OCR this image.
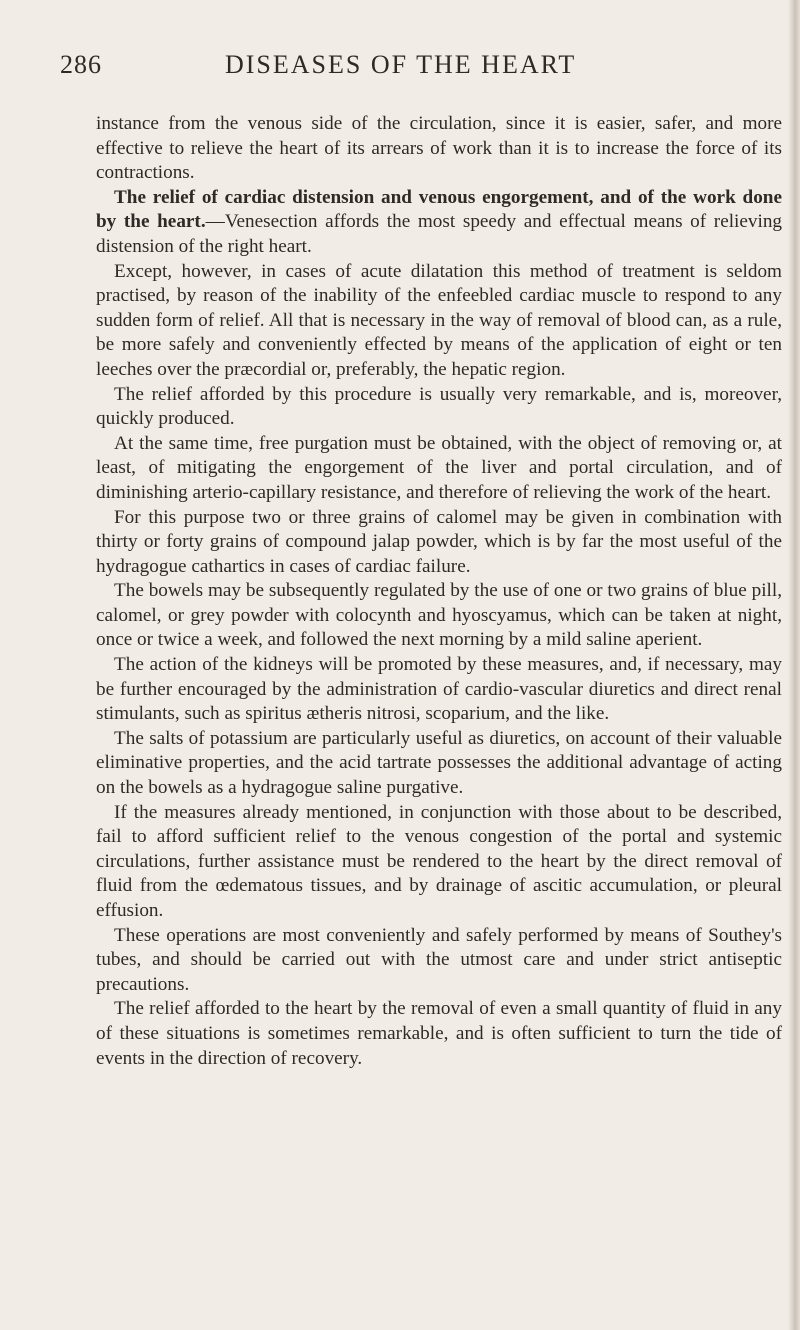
286	DISEASES OF THE HEART

instance from the venous side of the circulation, since it is easier, safer, and more effective to relieve the heart of its arrears of work than it is to increase the force of its contractions.

The relief of cardiac distension and venous engorgement, and of the work done by the heart.—Venesection affords the most speedy and effectual means of relieving distension of the right heart.

Except, however, in cases of acute dilatation this method of treatment is seldom practised, by reason of the inability of the enfeebled cardiac muscle to respond to any sudden form of relief. All that is necessary in the way of removal of blood can, as a rule, be more safely and conveniently effected by means of the application of eight or ten leeches over the præcordial or, preferably, the hepatic region.

The relief afforded by this procedure is usually very remarkable, and is, moreover, quickly produced.

At the same time, free purgation must be obtained, with the object of removing or, at least, of mitigating the engorgement of the liver and portal circulation, and of diminishing arterio-capillary resistance, and therefore of relieving the work of the heart.

For this purpose two or three grains of calomel may be given in combination with thirty or forty grains of compound jalap powder, which is by far the most useful of the hydragogue cathartics in cases of cardiac failure.

The bowels may be subsequently regulated by the use of one or two grains of blue pill, calomel, or grey powder with colocynth and hyoscyamus, which can be taken at night, once or twice a week, and followed the next morning by a mild saline aperient.

The action of the kidneys will be promoted by these measures, and, if necessary, may be further encouraged by the administration of cardio-vascular diuretics and direct renal stimulants, such as spiritus ætheris nitrosi, scoparium, and the like.

The salts of potassium are particularly useful as diuretics, on account of their valuable eliminative properties, and the acid tartrate possesses the additional advantage of acting on the bowels as a hydragogue saline purgative.

If the measures already mentioned, in conjunction with those about to be described, fail to afford sufficient relief to the venous congestion of the portal and systemic circulations, further assistance must be rendered to the heart by the direct removal of fluid from the œdematous tissues, and by drainage of ascitic accumulation, or pleural effusion.

These operations are most conveniently and safely performed by means of Southey's tubes, and should be carried out with the utmost care and under strict antiseptic precautions.

The relief afforded to the heart by the removal of even a small quantity of fluid in any of these situations is sometimes remarkable, and is often sufficient to turn the tide of events in the direction of recovery.
